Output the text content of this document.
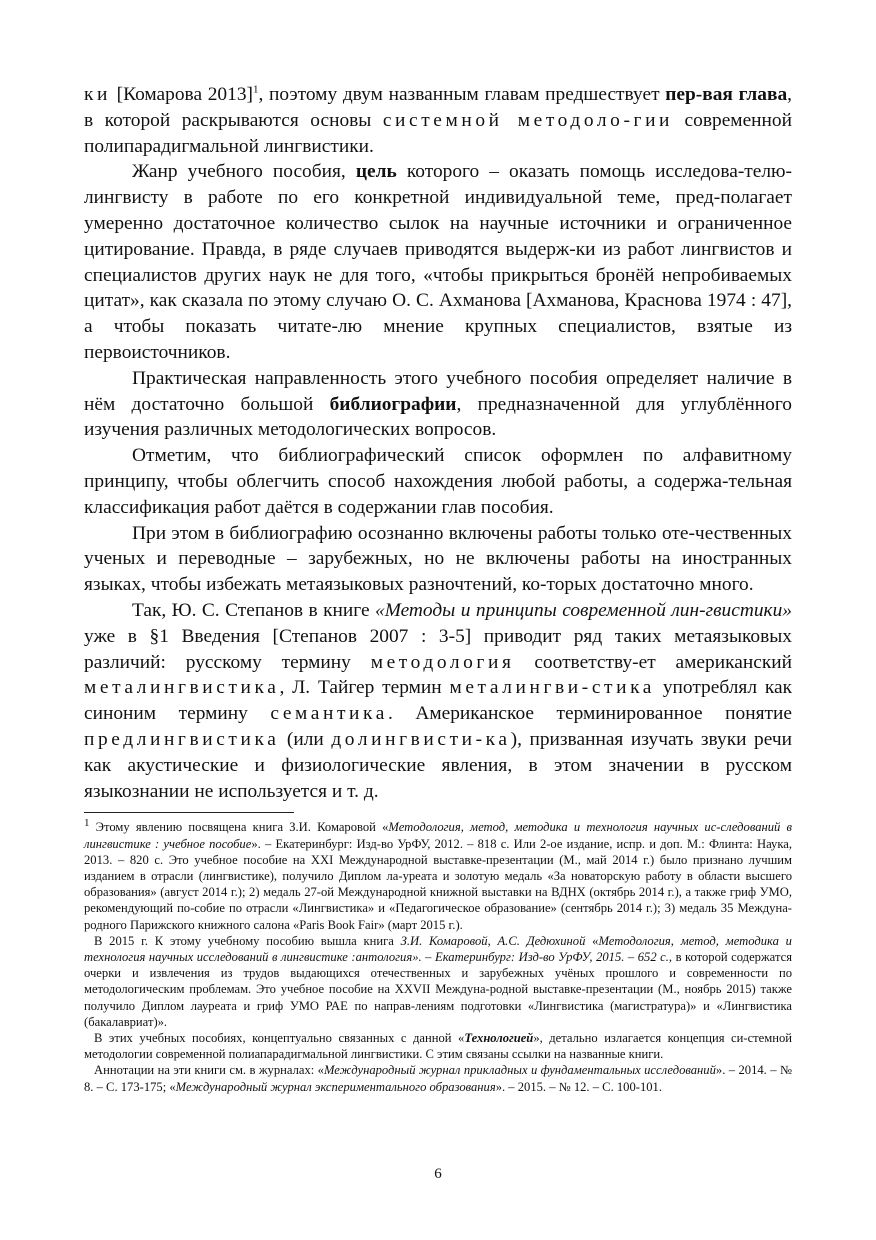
ки [Комарова 2013]$^1$, поэтому двум названным главам предшествует пер-вая глава, в которой раскрываются основы системной методоло-гии современной полипарадигмальной лингвистики.

Жанр учебного пособия, цель которого – оказать помощь исследова-телю-лингвисту в работе по его конкретной индивидуальной теме, пред-полагает умеренно достаточное количество сылок на научные источники и ограниченное цитирование. Правда, в ряде случаев приводятся выдерж-ки из работ лингвистов и специалистов других наук не для того, «чтобы прикрыться бронёй непробиваемых цитат», как сказала по этому случаю О. С. Ахманова [Ахманова, Краснова 1974 : 47], а чтобы показать читате-лю мнение крупных специалистов, взятые из первоисточников.

Практическая направленность этого учебного пособия определяет наличие в нём достаточно большой библиографии, предназначенной для углублённого изучения различных методологических вопросов.

Отметим, что библиографический список оформлен по алфавитному принципу, чтобы облегчить способ нахождения любой работы, а содержа-тельная классификация работ даётся в содержании глав пособия.

При этом в библиографию осознанно включены работы только оте-чественных ученых и переводные – зарубежных, но не включены работы на иностранных языках, чтобы избежать метаязыковых разночтений, ко-торых достаточно много.

Так, Ю. С. Степанов в книге «Методы и принципы современной лин-гвистики» уже в §1 Введения [Степанов 2007 : 3-5] приводит ряд таких метаязыковых различий: русскому термину методология соответству-ет американский металингвистика, Л. Тайгер термин металингви-стика употреблял как синоним термину семантика. Американское терминированное понятие предлингвистика (или долингвисти-ка), призванная изучать звуки речи как акустические и физиологические явления, в этом значении в русском языкознании не используется и т. д.

$^1$ Этому явлению посвящена книга З.И. Комаровой «Методология, метод, методика и технология научных ис-следований в лингвистике : учебное пособие». – Екатеринбург: Изд-во УрФУ, 2012. – 818 с. Или 2-ое издание, испр. и доп. М.: Флинта: Наука, 2013. – 820 с. Это учебное пособие на XXI Международной выставке-презентации (М., май 2014 г.) было признано лучшим изданием в отрасли (лингвистике), получило Диплом ла-уреата и золотую медаль «За новаторскую работу в области высшего образования» (август 2014 г.); 2) медаль 27-ой Международной книжной выставки на ВДНХ (октябрь 2014 г.), а также гриф УМО, рекомендующий по-собие по отрасли «Лингвистика» и «Педагогическое образование» (сентябрь 2014 г.); 3) медаль 35 Междуна-родного Парижского книжного салона «Paris Book Fair» (март 2015 г.).

В 2015 г. К этому учебному пособию вышла книга З.И. Комаровой, А.С. Дедюхиной «Методология, метод, методика и технология научных исследований в лингвистике :антология». – Екатеринбург: Изд-во УрФУ, 2015. – 652 с., в которой содержатся очерки и извлечения из трудов выдающихся отечественных и зарубежных учёных прошлого и современности по методологическим проблемам. Это учебное пособие на XXVII Междуна-родной выставке-презентации (М., ноябрь 2015) также получило Диплом лауреата и гриф УМО РАЕ по направ-лениям подготовки «Лингвистика (магистратура)» и «Лингвистика (бакалавриат)».

В этих учебных пособиях, концептуально связанных с данной «Технологией», детально излагается концепция си-стемной методологии современной полиапарадигмальной лингвистики. С этим связаны ссылки на названные книги.

Аннотации на эти книги см. в журналах: «Международный журнал прикладных и фундаментальных исследований». – 2014. – № 8. – С. 173-175; «Международный журнал экспериментального образования». – 2015. – № 12. – С. 100-101.

6
